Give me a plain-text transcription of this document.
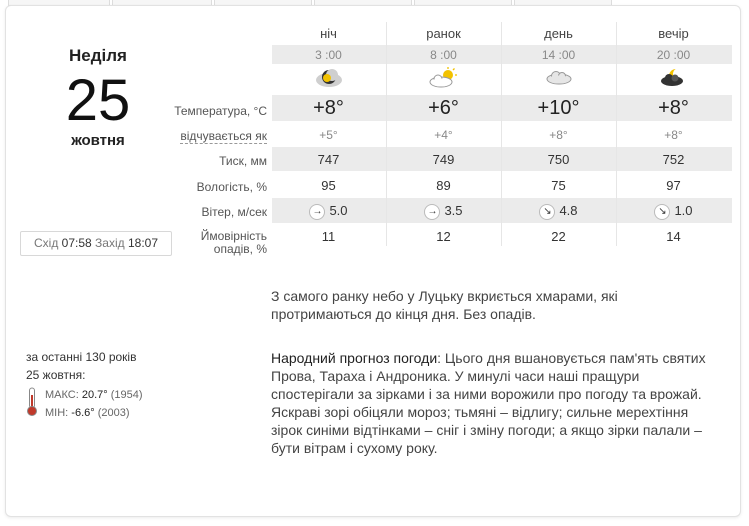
Неділя
25
жовтня
Схід 07:58 Захід 18:07
Температура, °С
відчувається як
Тиск, мм
Вологість, %
Вітер, м/сек
Ймовірність
опадів, %
ніч
3 :00
+8°
+5°
747
95
→ 5.0
11
ранок
8 :00
+6°
+4°
749
89
→ 3.5
12
день
14 :00
+10°
+8°
750
75
↘ 4.8
22
вечір
20 :00
+8°
+8°
752
97
↘ 1.0
14
З самого ранку небо у Луцьку вкриється хмарами, які протримаються до кінця дня. Без опадів.
Народний прогноз погоди: Цього дня вшановується пам'ять святих Прова, Тараха і Андроника. У минулі часи наші пращури спостерігали за зірками і за ними ворожили про погоду та врожай. Яскраві зорі обіцяли мороз; тьмяні – відлигу; сильне мерехтіння зірок синіми відтінками – сніг і зміну погоди; а якщо зірки палали – бути вітрам і сухому року.
за останні 130 років
25 жовтня:
МАКС: 20.7° (1954)
МІН: -6.6° (2003)
